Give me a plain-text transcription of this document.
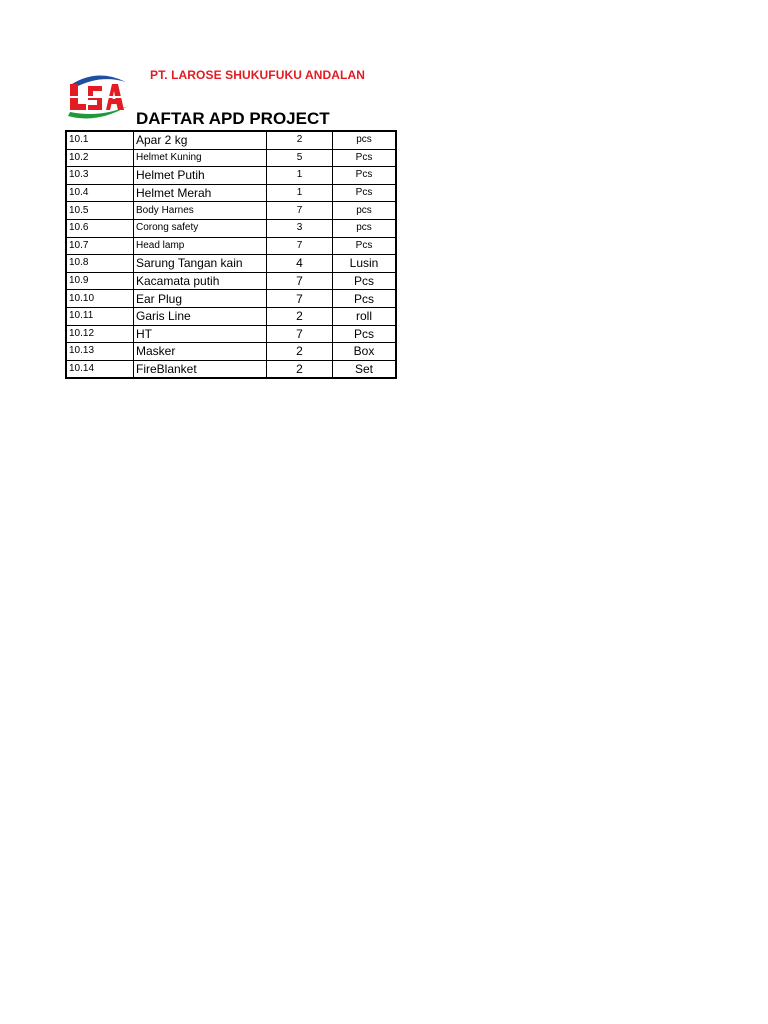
PT. LAROSE SHUKUFUKU ANDALAN
DAFTAR APD PROJECT
10.1	Apar 2 kg	2	pcs
10.2	Helmet Kuning	5	Pcs
10.3	Helmet Putih	1	Pcs
10.4	Helmet Merah	1	Pcs
10.5	Body Harnes	7	pcs
10.6	Corong safety	3	pcs
10.7	Head lamp	7	Pcs
10.8	Sarung Tangan kain	4	Lusin
10.9	Kacamata putih	7	Pcs
10.10	Ear Plug	7	Pcs
10.11	Garis Line	2	roll
10.12	HT	7	Pcs
10.13	Masker	2	Box
10.14	FireBlanket	2	Set
